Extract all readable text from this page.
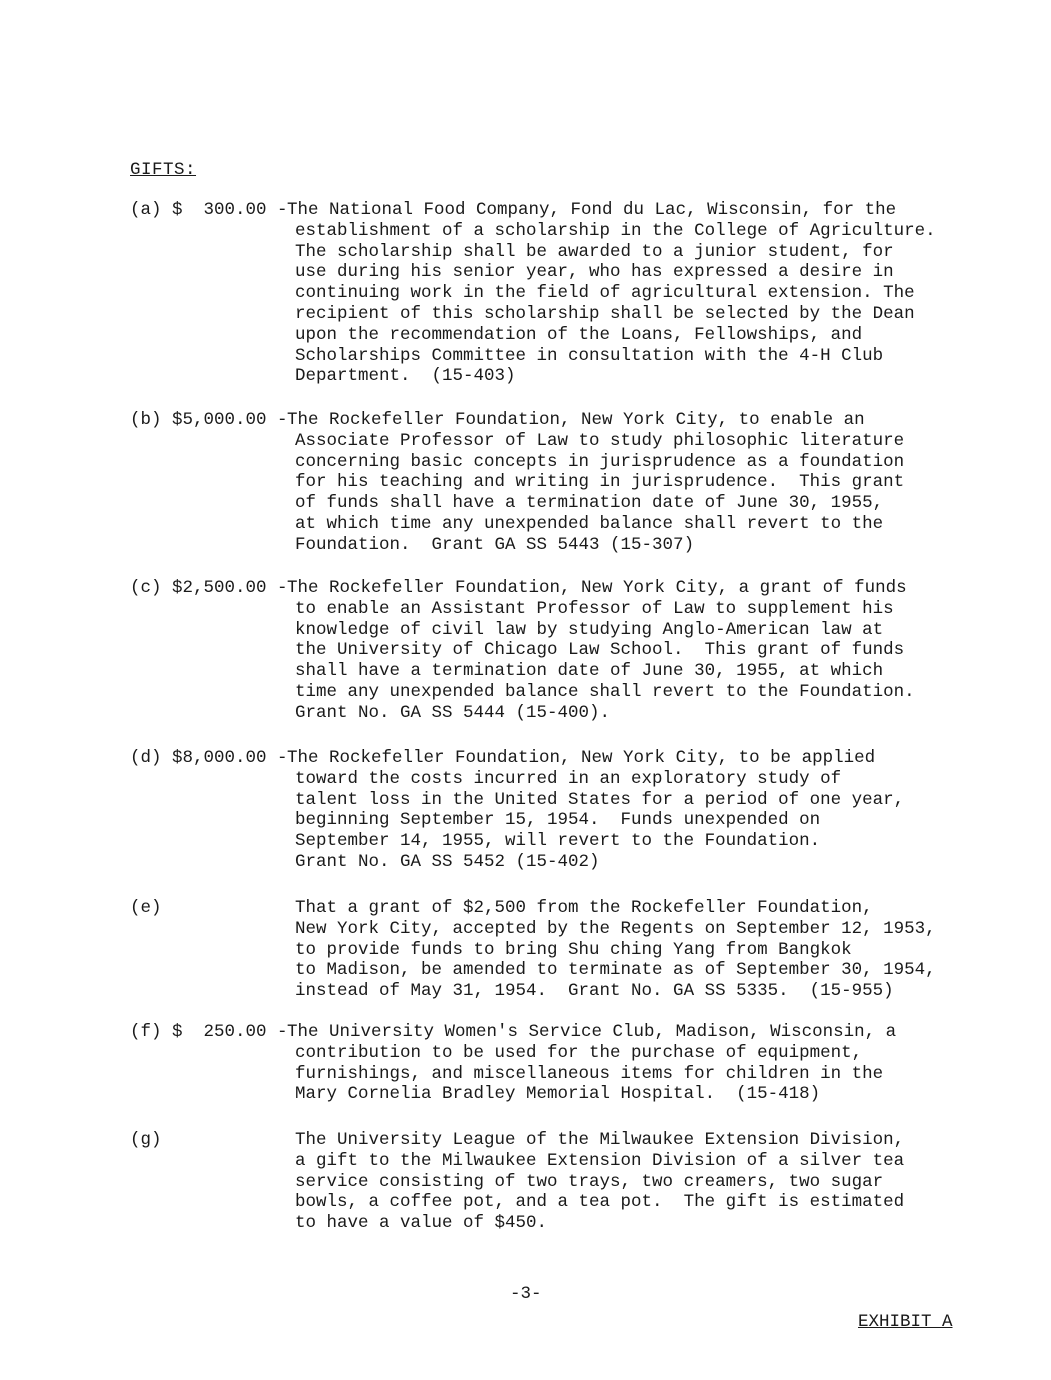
GIFTS:
(a) $  300.00 - The National Food Company, Fond du Lac, Wisconsin, for the
establishment of a scholarship in the College of Agriculture.
The scholarship shall be awarded to a junior student, for
use during his senior year, who has expressed a desire in
continuing work in the field of agricultural extension. The
recipient of this scholarship shall be selected by the Dean
upon the recommendation of the Loans, Fellowships, and
Scholarships Committee in consultation with the 4-H Club
Department.  (15-403)
(b) $5,000.00 - The Rockefeller Foundation, New York City, to enable an
Associate Professor of Law to study philosophic literature
concerning basic concepts in jurisprudence as a foundation
for his teaching and writing in jurisprudence.  This grant
of funds shall have a termination date of June 30, 1955,
at which time any unexpended balance shall revert to the
Foundation.  Grant GA SS 5443 (15-307)
(c) $2,500.00 - The Rockefeller Foundation, New York City, a grant of funds
to enable an Assistant Professor of Law to supplement his
knowledge of civil law by studying Anglo-American law at
the University of Chicago Law School.  This grant of funds
shall have a termination date of June 30, 1955, at which
time any unexpended balance shall revert to the Foundation.
Grant No. GA SS 5444 (15-400).
(d) $8,000.00 - The Rockefeller Foundation, New York City, to be applied
toward the costs incurred in an exploratory study of
talent loss in the United States for a period of one year,
beginning September 15, 1954.  Funds unexpended on
September 14, 1955, will revert to the Foundation.
Grant No. GA SS 5452 (15-402)
(e)	That a grant of $2,500 from the Rockefeller Foundation,
New York City, accepted by the Regents on September 12, 1953,
to provide funds to bring Shu ching Yang from Bangkok
to Madison, be amended to terminate as of September 30, 1954,
instead of May 31, 1954.  Grant No. GA SS 5335.  (15-955)
(f) $  250.00 - The University Women's Service Club, Madison, Wisconsin, a
contribution to be used for the purchase of equipment,
furnishings, and miscellaneous items for children in the
Mary Cornelia Bradley Memorial Hospital.  (15-418)
(g)	The University League of the Milwaukee Extension Division,
a gift to the Milwaukee Extension Division of a silver tea
service consisting of two trays, two creamers, two sugar
bowls, a coffee pot, and a tea pot.  The gift is estimated
to have a value of $450.
-3-
EXHIBIT A
